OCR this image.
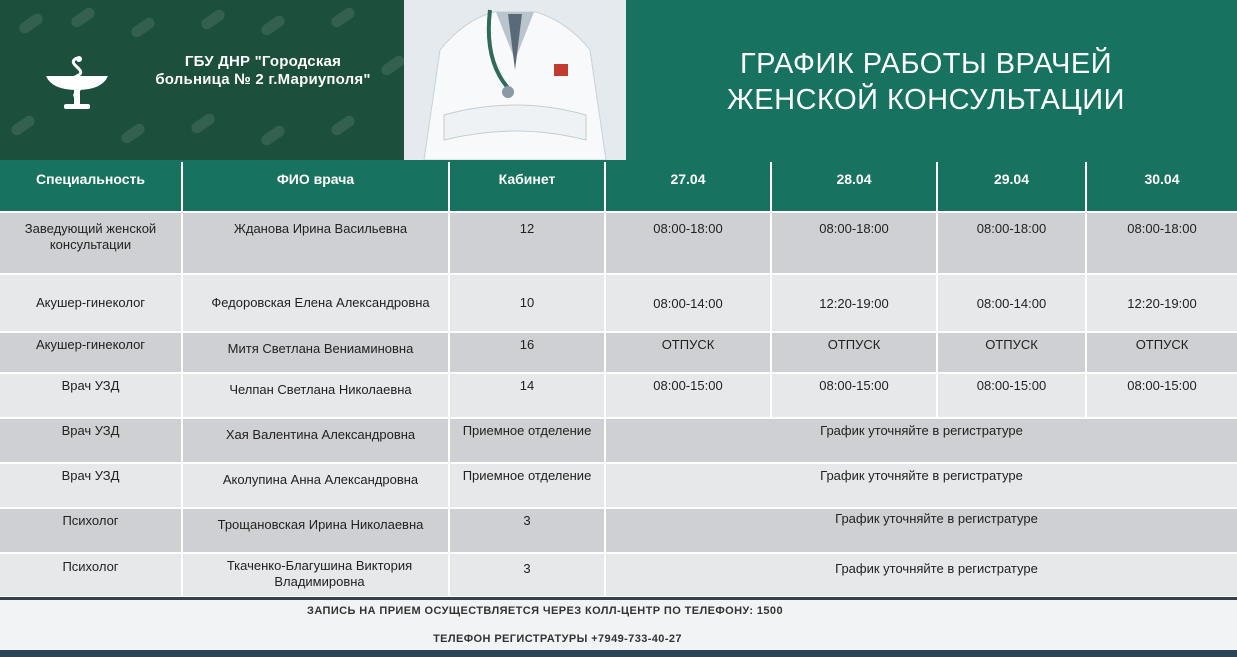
ГБУ ДНР "Городская
больница № 2 г.Мариуполя"	ГРАФИК РАБОТЫ ВРАЧЕЙ
ЖЕНСКОЙ КОНСУЛЬТАЦИИ
Специальность	ФИО врача	Кабинет	27.04	28.04	29.04	30.04
Заведующий женской консультации	Жданова Ирина Васильевна	12	08:00-18:00	08:00-18:00	08:00-18:00	08:00-18:00
Акушер-гинеколог	Федоровская Елена Александровна	10	08:00-14:00	12:20-19:00	08:00-14:00	12:20-19:00
Акушер-гинеколог	Митя Светлана Вениаминовна	16	ОТПУСК	ОТПУСК	ОТПУСК	ОТПУСК
Врач УЗД	Челпан Светлана Николаевна	14	08:00-15:00	08:00-15:00	08:00-15:00	08:00-15:00
Врач УЗД	Хая Валентина Александровна	Приемное отделение	График уточняйте в регистратуре			
Врач УЗД	Аколупина Анна Александровна	Приемное отделение	График уточняйте в регистратуре			
Психолог	Трощановская Ирина Николаевна	3	График уточняйте в регистратуре			
Психолог	Ткаченко-Благушина Виктория Владимировна	3	График уточняйте в регистратуре			
ЗАПИСЬ НА ПРИЕМ ОСУЩЕСТВЛЯЕТСЯ ЧЕРЕЗ КОЛЛ-ЦЕНТР ПО ТЕЛЕФОНУ: 1500
ТЕЛЕФОН РЕГИСТРАТУРЫ +7949-733-40-27
